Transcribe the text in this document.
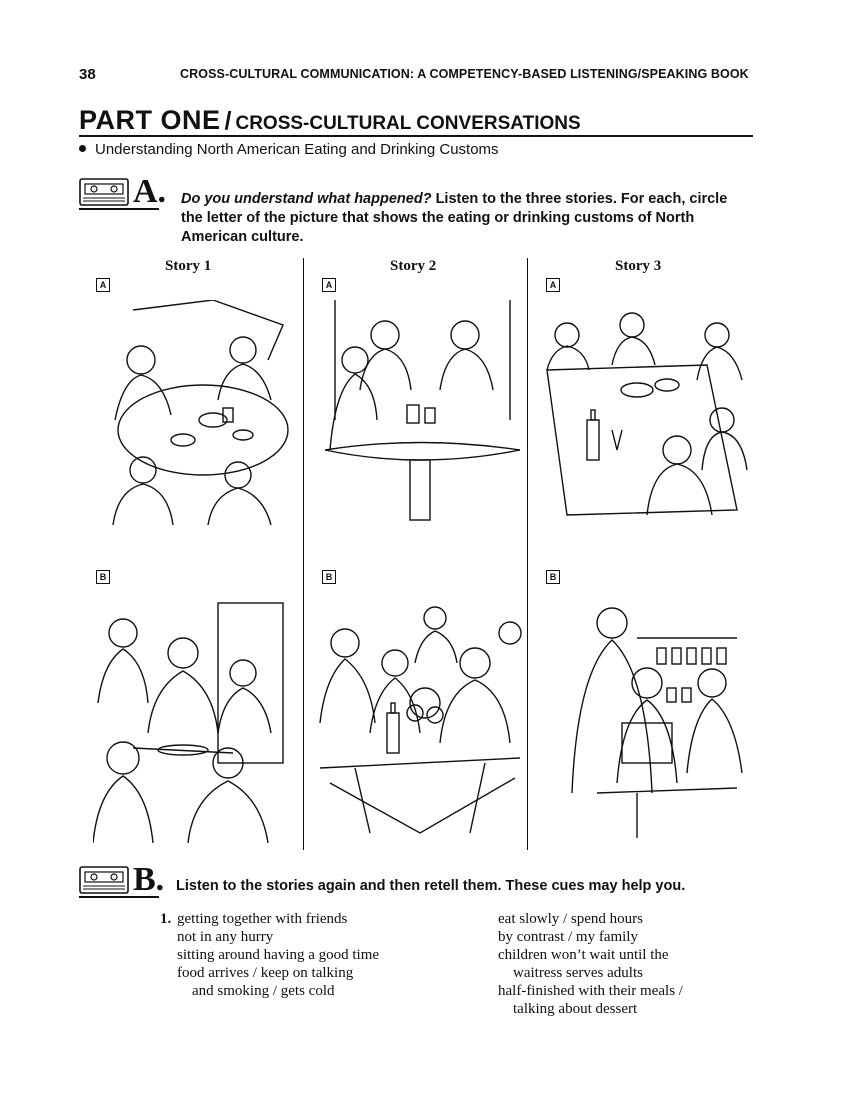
38	CROSS-CULTURAL COMMUNICATION: A COMPETENCY-BASED LISTENING/SPEAKING BOOK
PART ONE / CROSS-CULTURAL CONVERSATIONS
Understanding North American Eating and Drinking Customs
A. Do you understand what happened? Listen to the three stories. For each, circle the letter of the picture that shows the eating or drinking customs of North American culture.
Story 1	Story 2	Story 3
A	A	A
B	B	B
B. Listen to the stories again and then retell them. These cues may help you.
1. getting together with friends
not in any hurry
sitting around having a good time
food arrives / keep on talking
and smoking / gets cold
eat slowly / spend hours
by contrast / my family
children won’t wait until the
waitress serves adults
half-finished with their meals /
talking about dessert
